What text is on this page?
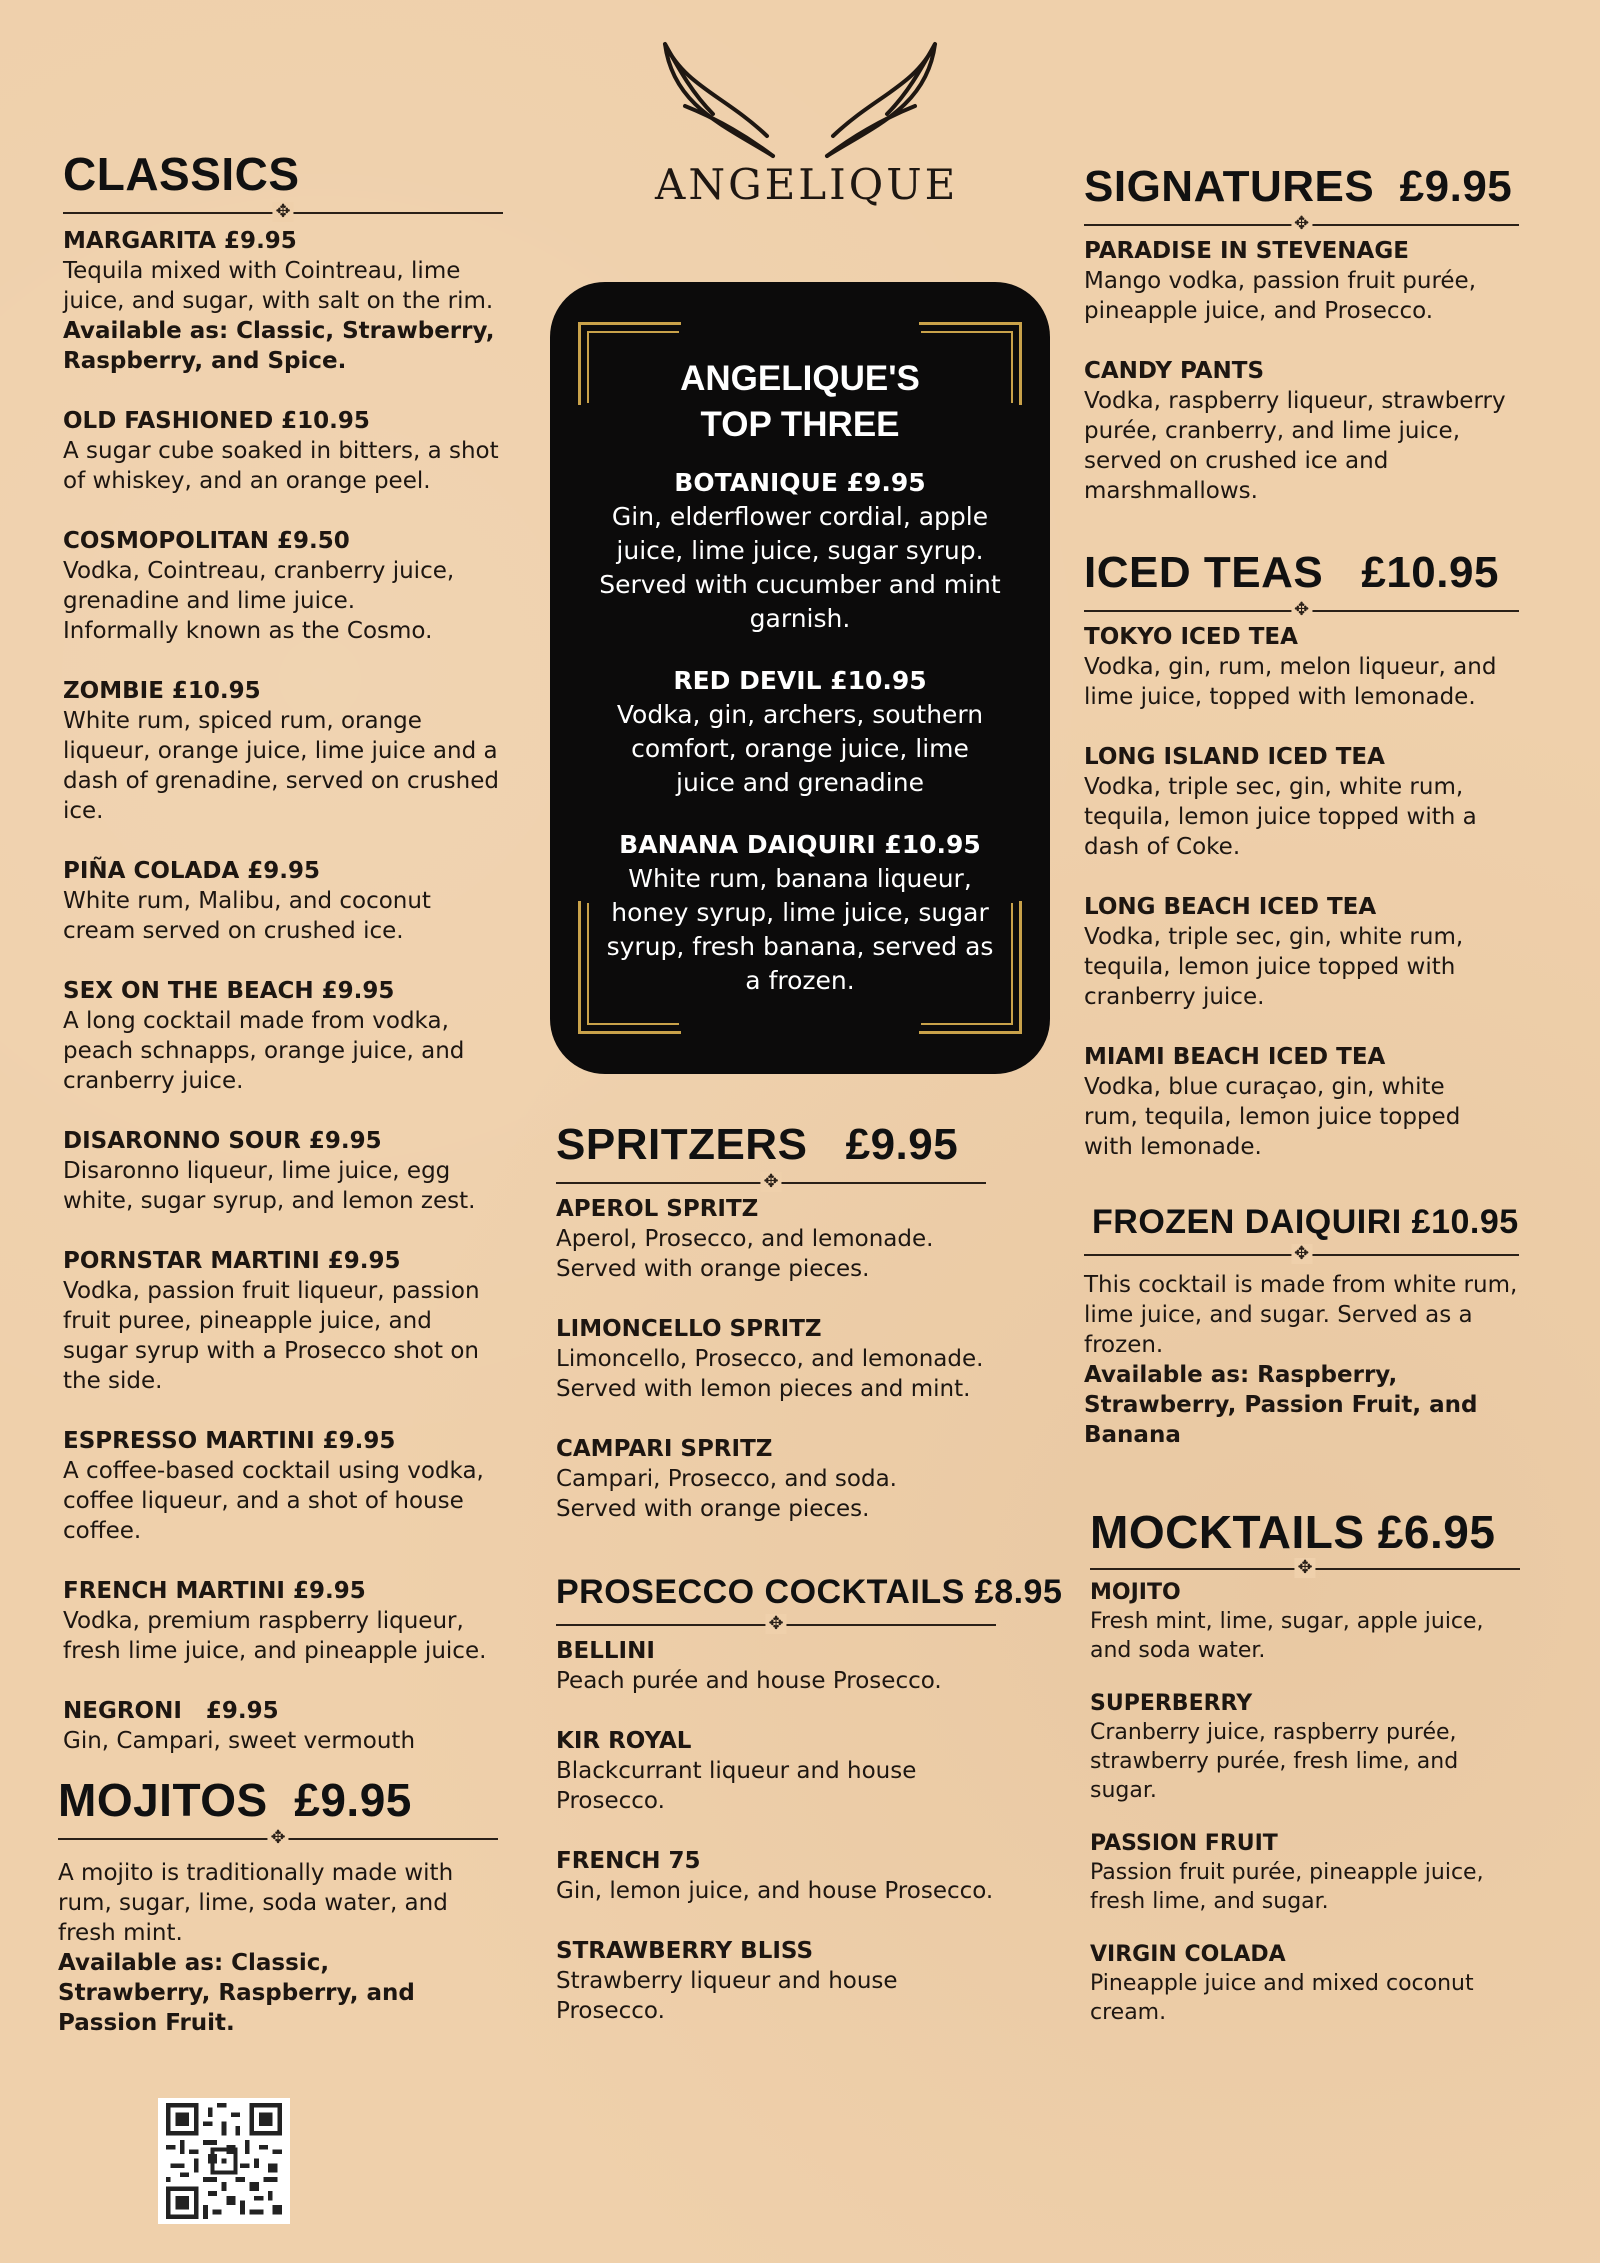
CLASSICS
✥
MARGARITA £9.95
Tequila mixed with Cointreau, lime juice, and sugar, with salt on the rim.
Available as: Classic, Strawberry, Raspberry, and Spice.
OLD FASHIONED £10.95
A sugar cube soaked in bitters, a shot of whiskey, and an orange peel.
COSMOPOLITAN £9.50
Vodka, Cointreau, cranberry juice, grenadine and lime juice.
Informally known as the Cosmo.
ZOMBIE £10.95
White rum, spiced rum, orange liqueur, orange juice, lime juice and a dash of grenadine, served on crushed ice.
PIÑA COLADA £9.95
White rum, Malibu, and coconut cream served on crushed ice.
SEX ON THE BEACH £9.95
A long cocktail made from vodka, peach schnapps, orange juice, and cranberry juice.
DISARONNO SOUR £9.95
Disaronno liqueur, lime juice, egg white, sugar syrup, and lemon zest.
PORNSTAR MARTINI £9.95
Vodka, passion fruit liqueur, passion fruit puree, pineapple juice, and sugar syrup with a Prosecco shot on the side.
ESPRESSO MARTINI £9.95
A coffee-based cocktail using vodka, coffee liqueur, and a shot of house coffee.
FRENCH MARTINI £9.95
Vodka, premium raspberry liqueur, fresh lime juice, and pineapple juice.
NEGRONI   £9.95
Gin, Campari, sweet vermouth
MOJITOS  £9.95
✥
A mojito is traditionally made with rum, sugar, lime, soda water, and fresh mint.
Available as: Classic, Strawberry, Raspberry, and Passion Fruit.
ANGELIQUE
ANGELIQUE'S
TOP THREE
BOTANIQUE £9.95
Gin, elderflower cordial, apple juice, lime juice, sugar syrup. Served with cucumber and mint garnish.
RED DEVIL £10.95
Vodka, gin, archers, southern comfort, orange juice, lime juice and grenadine
BANANA DAIQUIRI £10.95
White rum, banana liqueur, honey syrup, lime juice, sugar syrup, fresh banana, served as a frozen.
SPRITZERS   £9.95
✥
APEROL SPRITZ
Aperol, Prosecco, and lemonade. Served with orange pieces.
LIMONCELLO SPRITZ
Limoncello, Prosecco, and lemonade. Served with lemon pieces and mint.
CAMPARI SPRITZ
Campari, Prosecco, and soda. Served with orange pieces.
PROSECCO COCKTAILS £8.95
✥
BELLINI
Peach purée and house Prosecco.
KIR ROYAL
Blackcurrant liqueur and house Prosecco.
FRENCH 75
Gin, lemon juice, and house Prosecco.
STRAWBERRY BLISS
Strawberry liqueur and house Prosecco.
SIGNATURES  £9.95
✥
PARADISE IN STEVENAGE
Mango vodka, passion fruit purée, pineapple juice, and Prosecco.
CANDY PANTS
Vodka, raspberry liqueur, strawberry purée, cranberry, and lime juice, served on crushed ice and marshmallows.
ICED TEAS   £10.95
✥
TOKYO ICED TEA
Vodka, gin, rum, melon liqueur, and lime juice, topped with lemonade.
LONG ISLAND ICED TEA
Vodka, triple sec, gin, white rum, tequila, lemon juice topped with a dash of Coke.
LONG BEACH ICED TEA
Vodka, triple sec, gin, white rum, tequila, lemon juice topped with cranberry juice.
MIAMI BEACH ICED TEA
Vodka, blue curaçao, gin, white rum, tequila, lemon juice topped with lemonade.
FROZEN DAIQUIRI £10.95
✥
This cocktail is made from white rum, lime juice, and sugar. Served as a frozen.
Available as: Raspberry, Strawberry, Passion Fruit, and Banana
MOCKTAILS £6.95
✥
MOJITO
Fresh mint, lime, sugar, apple juice, and soda water.
SUPERBERRY
Cranberry juice, raspberry purée, strawberry purée, fresh lime, and sugar.
PASSION FRUIT
Passion fruit purée, pineapple juice, fresh lime, and sugar.
VIRGIN COLADA
Pineapple juice and mixed coconut cream.
